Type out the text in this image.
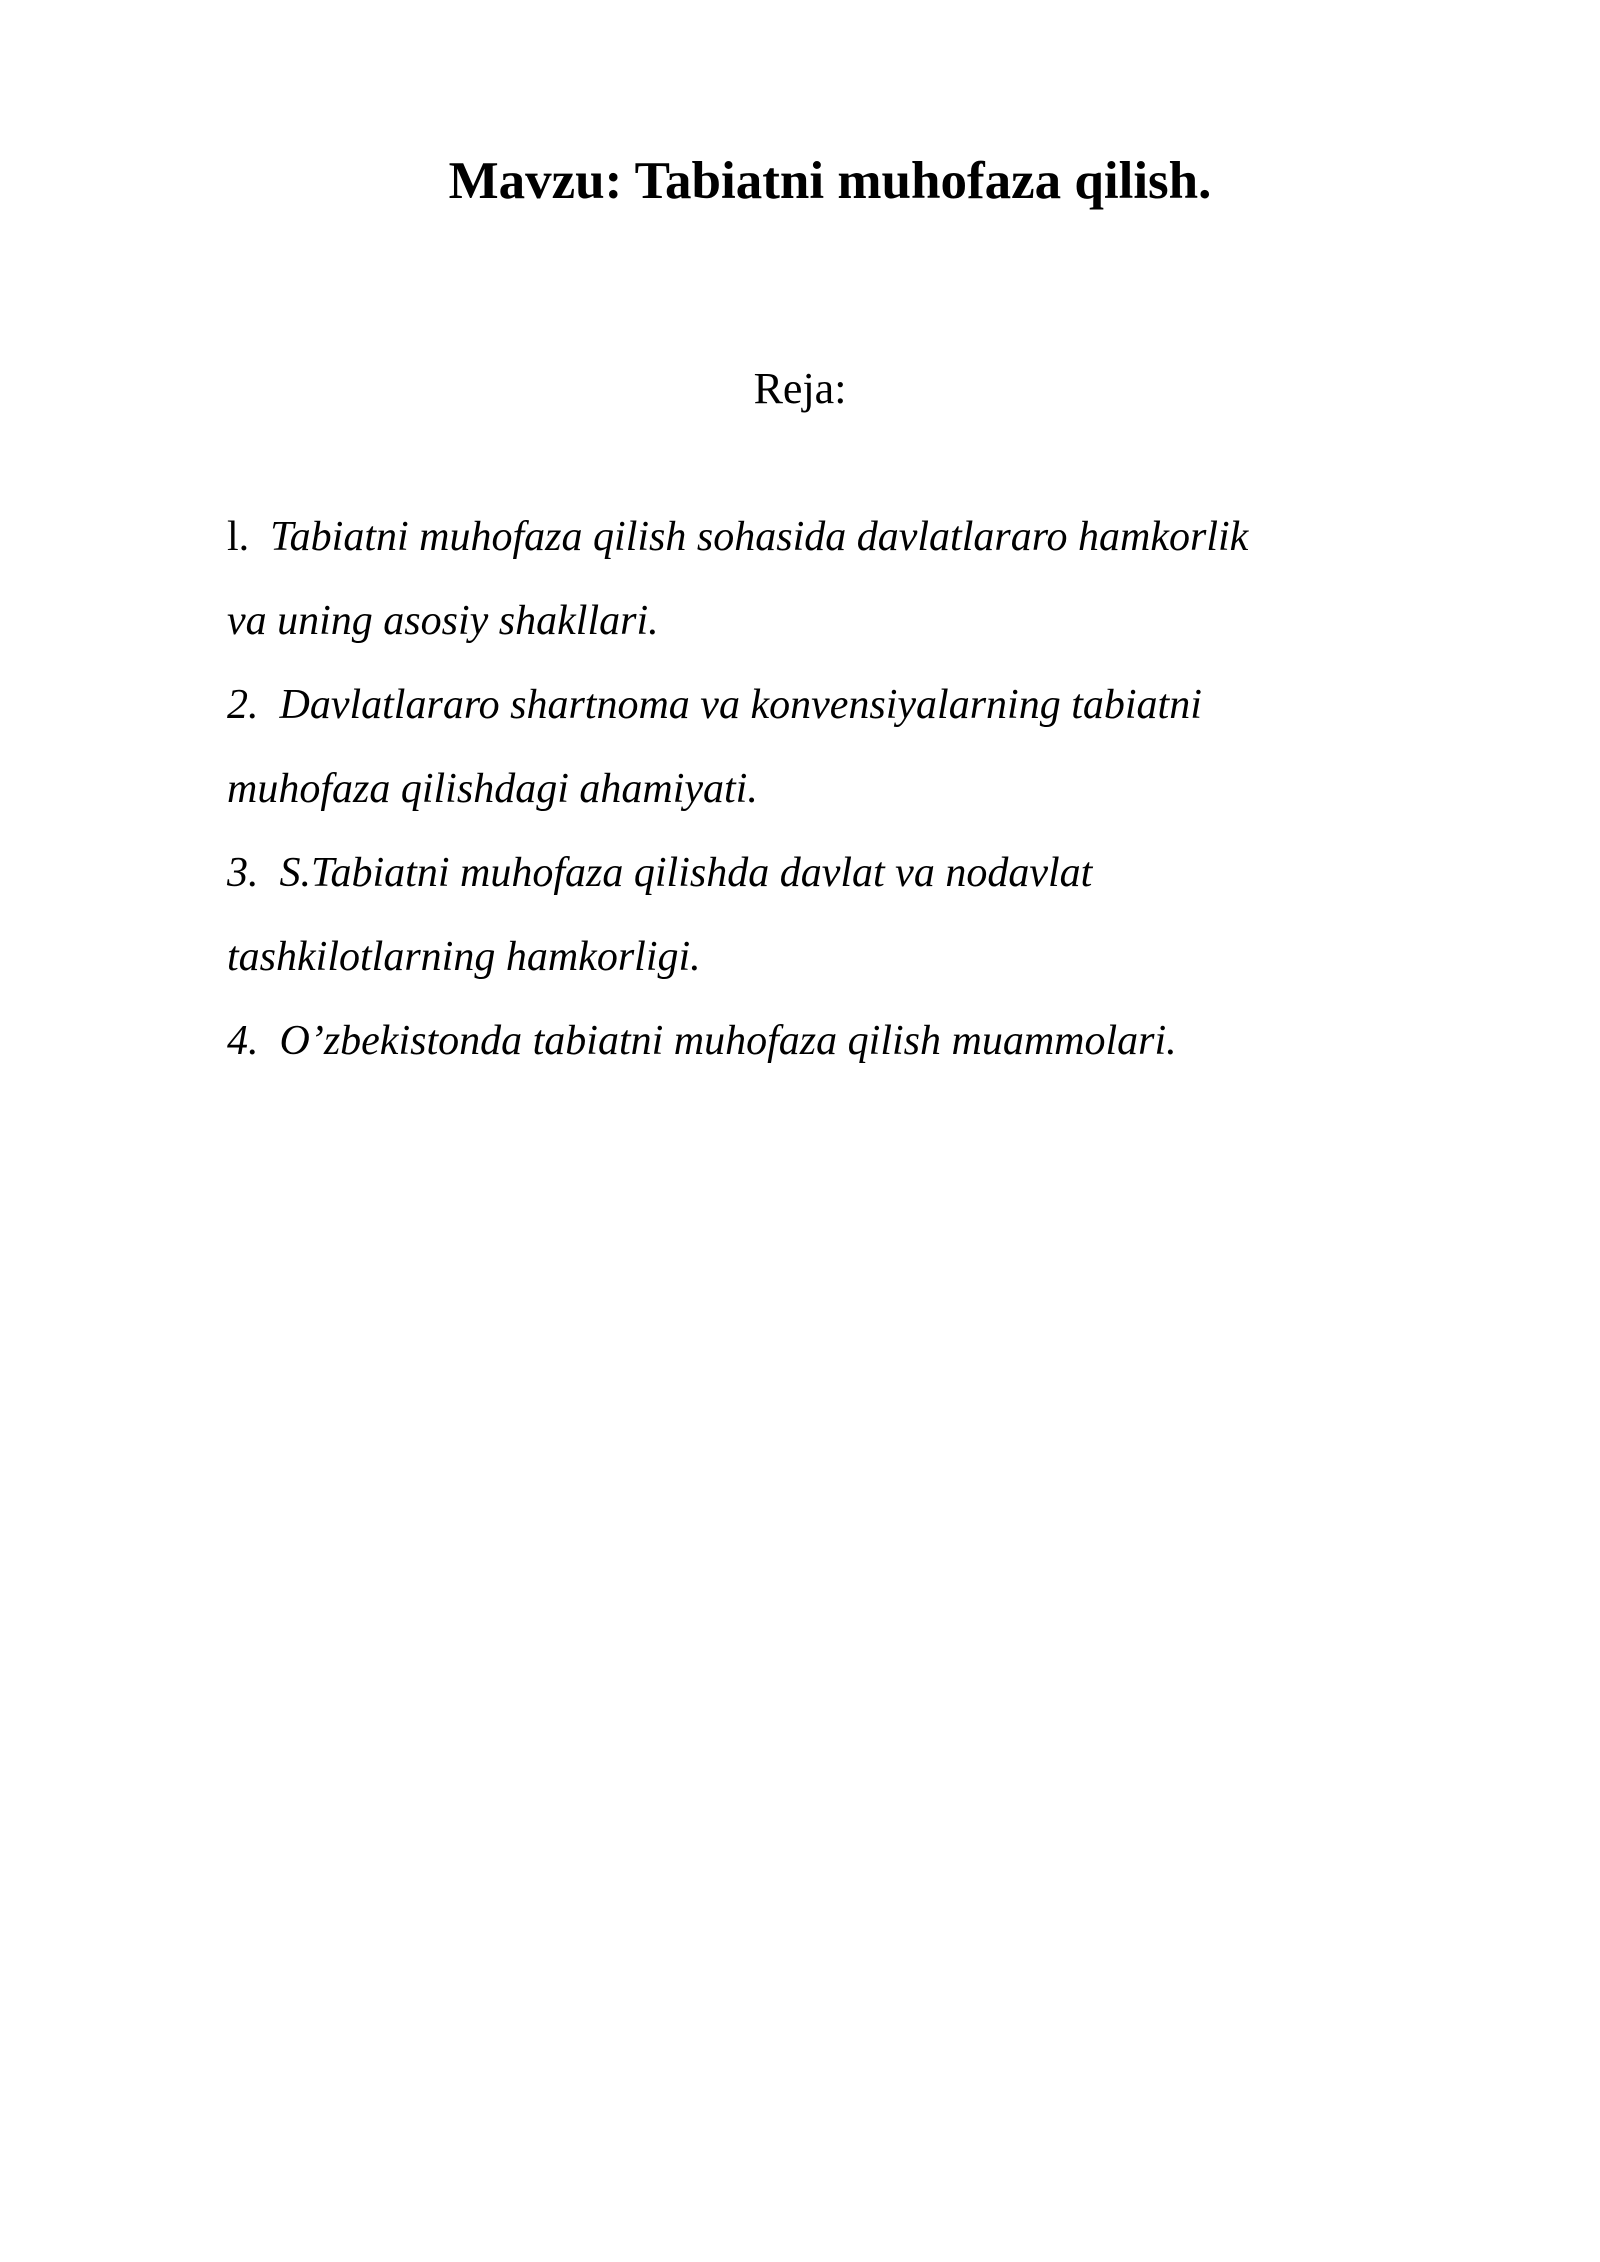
Mavzu: Tabiatni muhofaza qilish.
Reja:
l. Tabiatni muhofaza qilish sohasida davlatlararo hamkorlik
va uning asosiy shakllari.
2. Davlatlararo shartnoma va konvensiyalarning tabiatni
muhofaza qilishdagi ahamiyati.
3. S.Tabiatni muhofaza qilishda davlat va nodavlat
tashkilotlarning hamkorligi.
4. O’zbekistonda tabiatni muhofaza qilish muammolari.
